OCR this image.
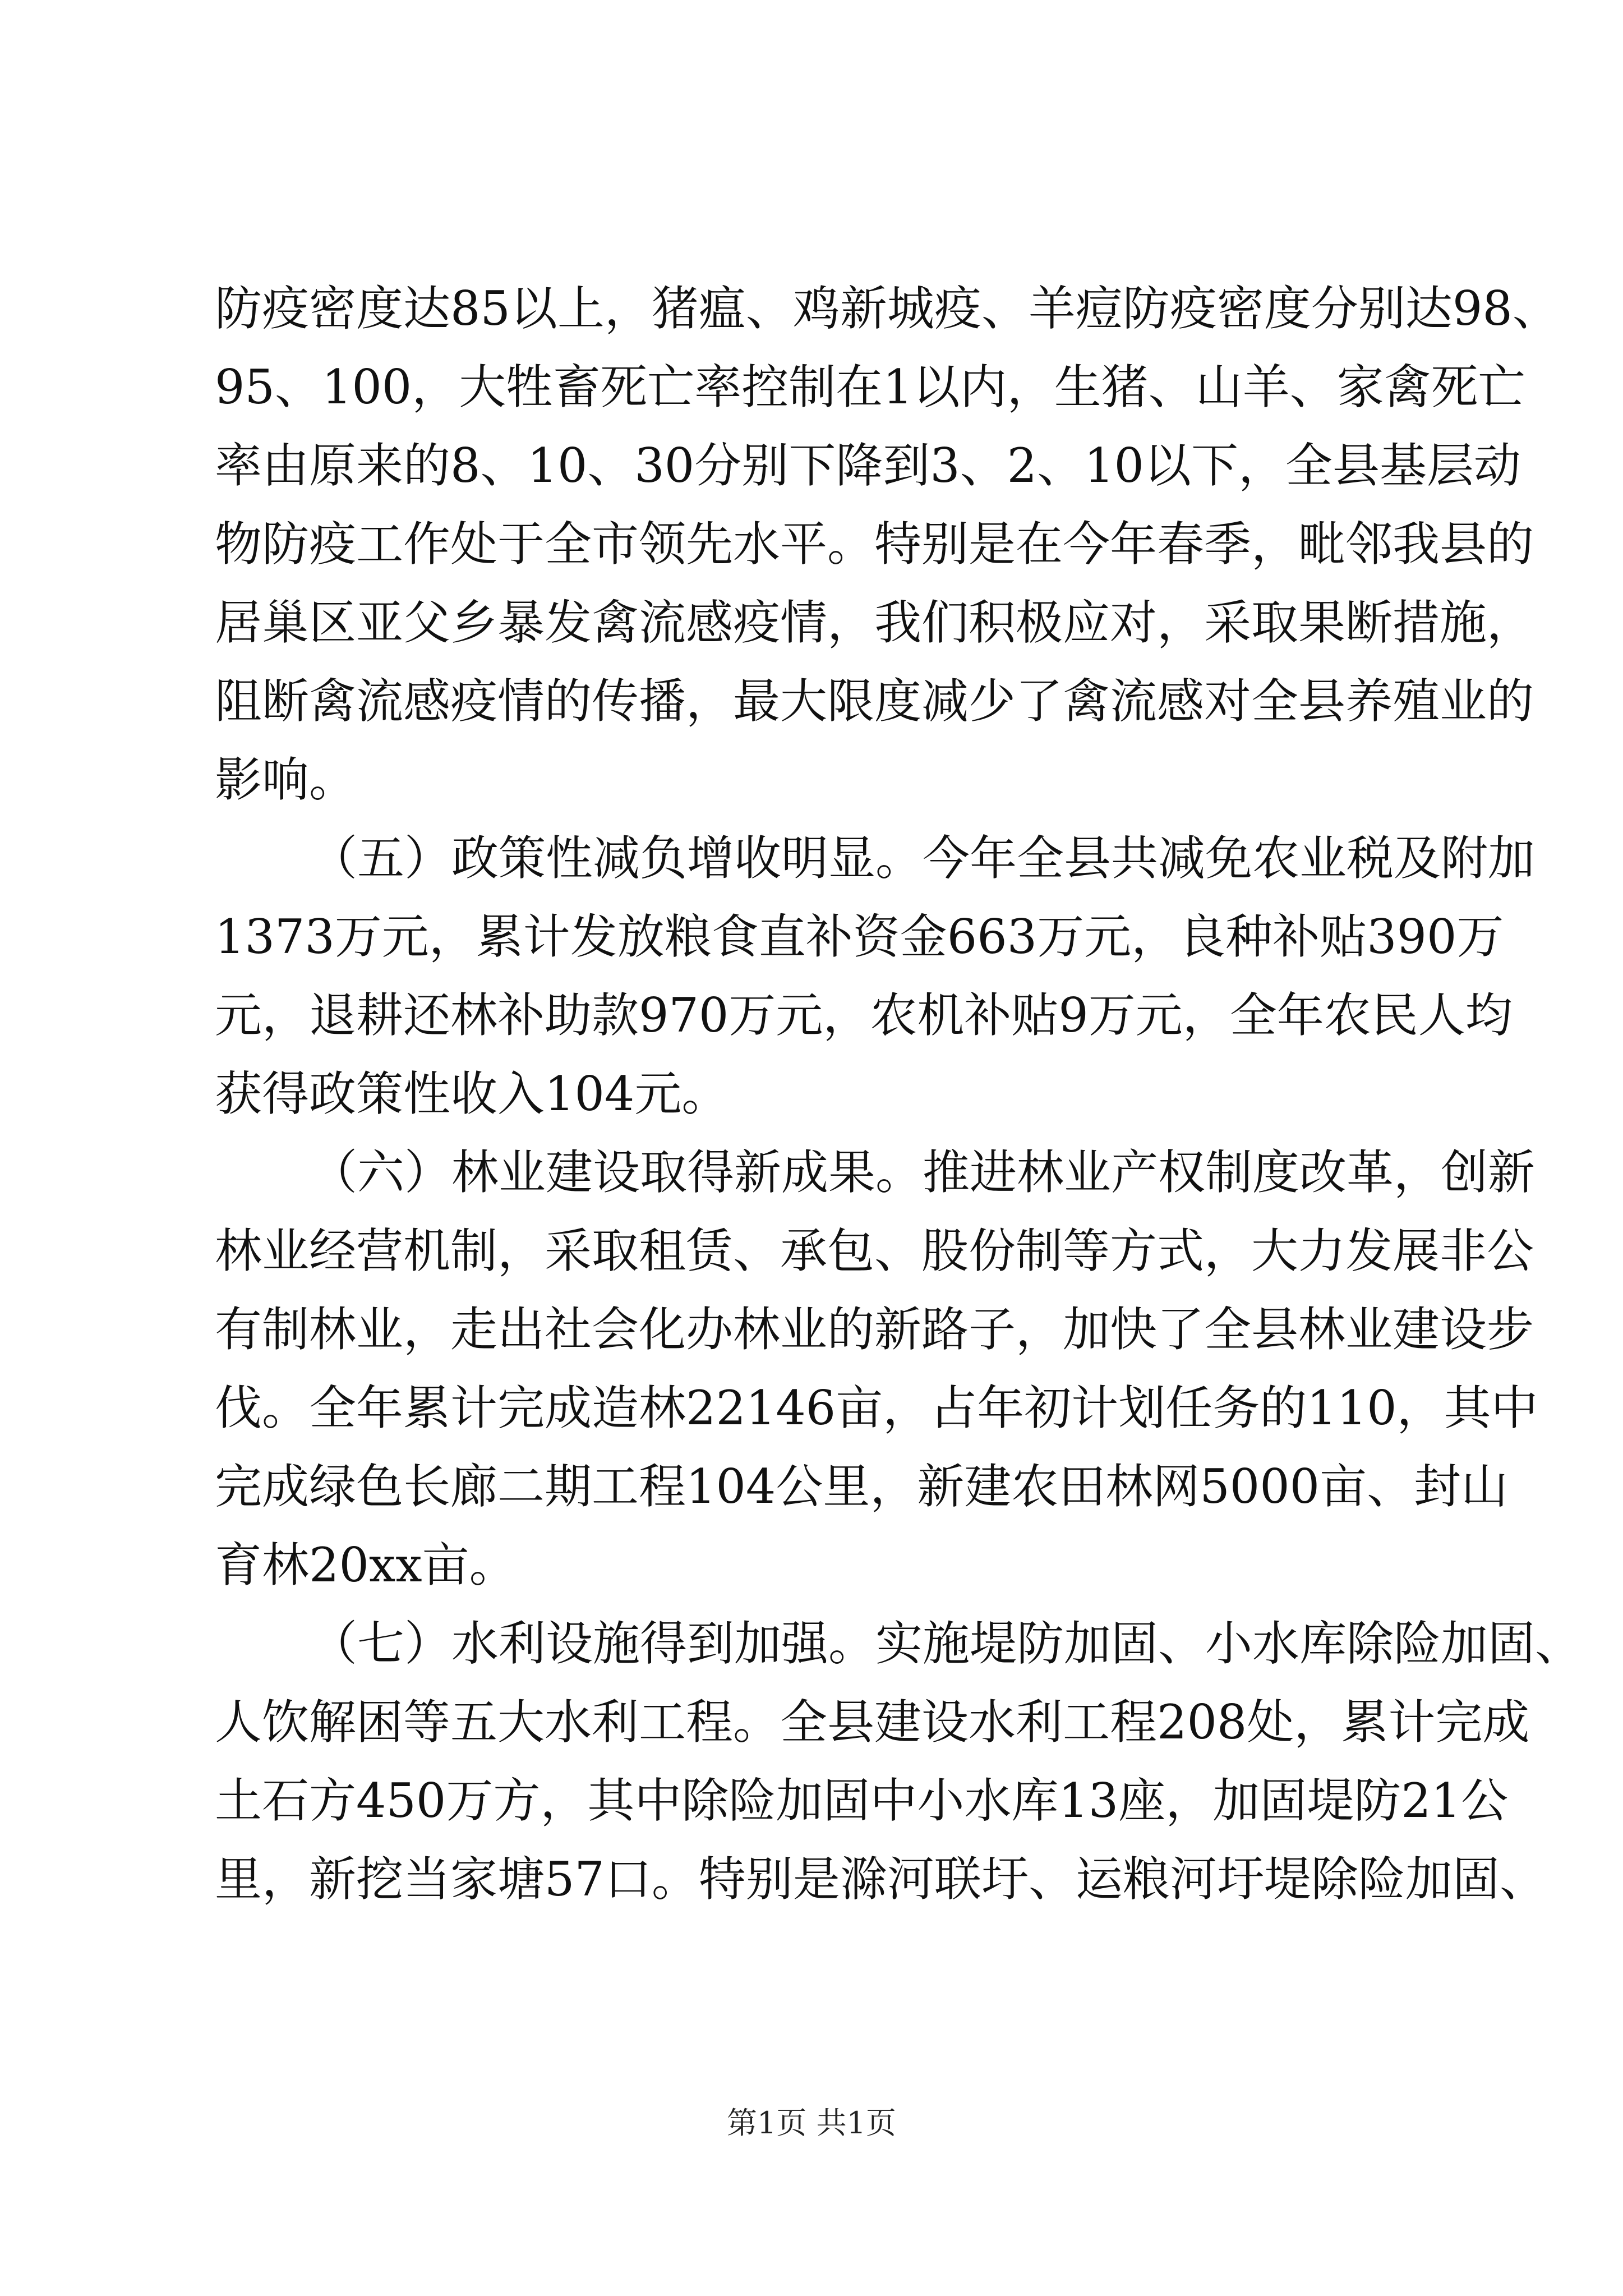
防疫密度达85以上，猪瘟、鸡新城疫、羊痘防疫密度分别达98、
95、100，大牲畜死亡率控制在1以内，生猪、山羊、家禽死亡
率由原来的8、10、30分别下降到3、2、10以下，全县基层动
物防疫工作处于全市领先水平。特别是在今年春季，毗邻我县的
居巢区亚父乡暴发禽流感疫情，我们积极应对，采取果断措施，
阻断禽流感疫情的传播，最大限度减少了禽流感对全县养殖业的
影响。
（五）政策性减负增收明显。今年全县共减免农业税及附加
1373万元，累计发放粮食直补资金663万元，良种补贴390万
元，退耕还林补助款970万元，农机补贴9万元，全年农民人均
获得政策性收入104元。
（六）林业建设取得新成果。推进林业产权制度改革，创新
林业经营机制，采取租赁、承包、股份制等方式，大力发展非公
有制林业，走出社会化办林业的新路子，加快了全县林业建设步
伐。全年累计完成造林22146亩，占年初计划任务的110，其中
完成绿色长廊二期工程104公里，新建农田林网5000亩、封山
育林20xx亩。
（七）水利设施得到加强。实施堤防加固、小水库除险加固、
人饮解困等五大水利工程。全县建设水利工程208处，累计完成
土石方450万方，其中除险加固中小水库13座，加固堤防21公
里，新挖当家塘57口。特别是滁河联圩、运粮河圩堤除险加固、
第1页 共1页
